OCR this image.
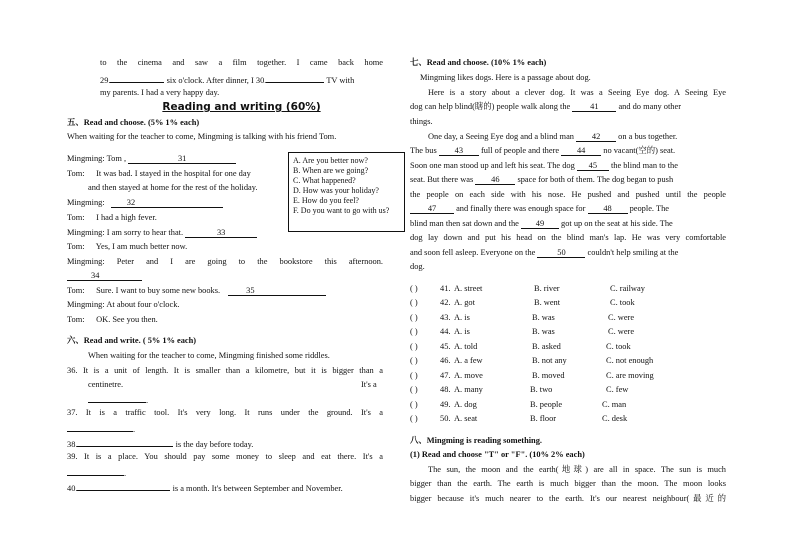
to the cinema and saw a film together. I came back home
29.	six o'clock. After dinner, I 30.	TV with
my parents. I had a very happy day.
Reading and writing (60%)
五、Read and choose. (5% 1% each)
When waiting for the teacher to come, Mingming is talking with his friend Tom.
Mingming: Tom ,	31
Tom: It was bad. I stayed in the hospital for one day
and then stayed at home for the rest of the holiday.
Mingming:	32
Tom: I had a high fever.
Mingming: I am sorry to hear that.	33
Tom: Yes, I am much better now.
Mingming: Peter and I are going to the bookstore this afternoon.
34
Tom: Sure. I want to buy some new books.	35
Mingming: At about four o'clock.
Tom: OK. See you then.
A. Are you better now?
B. When are we going?
C. What happened?
D. How was your holiday?
E. How do you feel?
F. Do you want to go with us?
六、Read and write. ( 5% 1% each)
When waiting for the teacher to come, Mingming finished some riddles.
36. It is a unit of length. It is smaller than a kilometre, but it is bigger than a
centinetre.	It's a
.
37. It is a traffic tool. It's very long. It runs under the ground. It's a
.
38.	is the day before today.
39. It is a place. You should pay some money to sleep and eat there. It's a
.
40.	is a month. It's between September and November.
七、Read and choose. (10% 1% each)
Mingming likes dogs. Here is a passage about dog.
Here is a story about a clever dog. It was a Seeing Eye dog. A Seeing Eye
dog can help blind(瞎的) people walk along the 41 and do many other
things.
One day, a Seeing Eye dog and a blind man 42 on a bus together.
The bus 43 full of people and there 44 no vacant(空的) seat.
Soon one man stood up and left his seat. The dog 45 the blind man to the
seat. But there was 46 space for both of them. The dog began to push
the people on each side with his nose. He pushed and pushed until the people
47 and finally there was enough space for 48 people. The
blind man then sat down and the 49 got up on the seat at his side. The
dog lay down and put his head on the blind man's lap. He was very comfortable
and soon fell asleep. Everyone on the	50	couldn't help smiling at the
dog.
( )	41. A. street	B. river	C. railway
( )	42. A. got	B. went	C. took
( )	43. A. is	B. was	C. were
( )	44. A. is	B. was	C. were
( )	45. A. told	B. asked	C. took
( )	46. A. a few	B. not any	C. not enough
( )	47. A. move	B. moved	C. are moving
( )	48. A. many	B. two	C. few
( )	49. A. dog	B. people	C. man
( )	50. A. seat	B. floor	C. desk
八、Mingming is reading something.
(1) Read and choose "T" or "F". (10% 2% each)
The sun, the moon and the earth(地球) are all in space. The sun is much
bigger than the earth. The earth is much bigger than the moon. The moon looks
bigger because it's much nearer to the earth. It's our nearest neighbour(最近的
